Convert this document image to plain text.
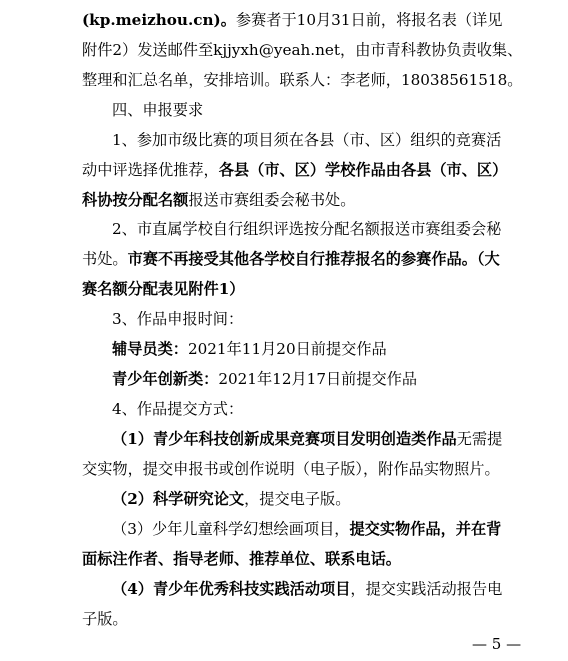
(kp.meizhou.cn)。参赛者于10月31日前，将报名表（详见
附件2）发送邮件至kjjyxh@yeah.net，由市青科教协负责收集、
整理和汇总名单，安排培训。联系人：李老师，18038561518。
四、申报要求
1、参加市级比赛的项目须在各县（市、区）组织的竞赛活
动中评选择优推荐，各县（市、区）学校作品由各县（市、区）
科协按分配名额报送市赛组委会秘书处。
2、市直属学校自行组织评选按分配名额报送市赛组委会秘
书处。市赛不再接受其他各学校自行推荐报名的参赛作品。（大
赛名额分配表见附件1）
3、作品申报时间：
辅导员类：2021年11月20日前提交作品
青少年创新类：2021年12月17日前提交作品
4、作品提交方式：
（1）青少年科技创新成果竞赛项目发明创造类作品无需提
交实物，提交申报书或创作说明（电子版），附作品实物照片。
（2）科学研究论文，提交电子版。
（3）少年儿童科学幻想绘画项目，提交实物作品，并在背
面标注作者、指导老师、推荐单位、联系电话。
（4）青少年优秀科技实践活动项目，提交实践活动报告电
子版。
— 5 —
